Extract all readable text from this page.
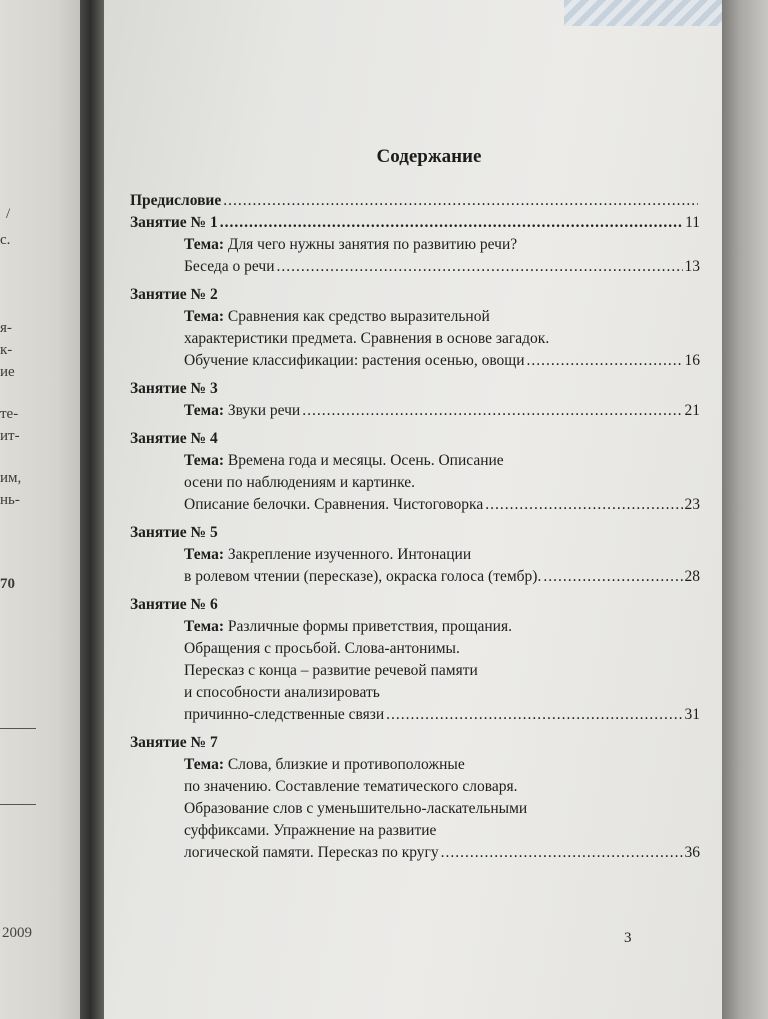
/
с.
я-
к-
ие
те-
ит-
им,
нь-
70
2009
Содержание
Предисловие
.....
Занятие № 1 .....	11
Тема: Для чего нужны занятия по развитию речи?
Беседа о речи .....	13
Занятие № 2
Тема: Сравнения как средство выразительной
характеристики предмета. Сравнения в основе загадок.
Обучение классификации: растения осенью, овощи .....	16
Занятие № 3
Тема: Звуки речи .....	21
Занятие № 4
Тема: Времена года и месяцы. Осень. Описание
осени по наблюдениям и картинке.
Описание белочки. Сравнения. Чистоговорка .....	23
Занятие № 5
Тема: Закрепление изученного. Интонации
в ролевом чтении (пересказе), окраска голоса (тембр). .....	28
Занятие № 6
Тема: Различные формы приветствия, прощания.
Обращения с просьбой. Слова-антонимы.
Пересказ с конца – развитие речевой памяти
и способности анализировать
причинно-следственные связи .....	31
Занятие № 7
Тема: Слова, близкие и противоположные
по значению. Составление тематического словаря.
Образование слов с уменьшительно-ласкательными
суффиксами. Упражнение на развитие
логической памяти. Пересказ по кругу .....	36
3
